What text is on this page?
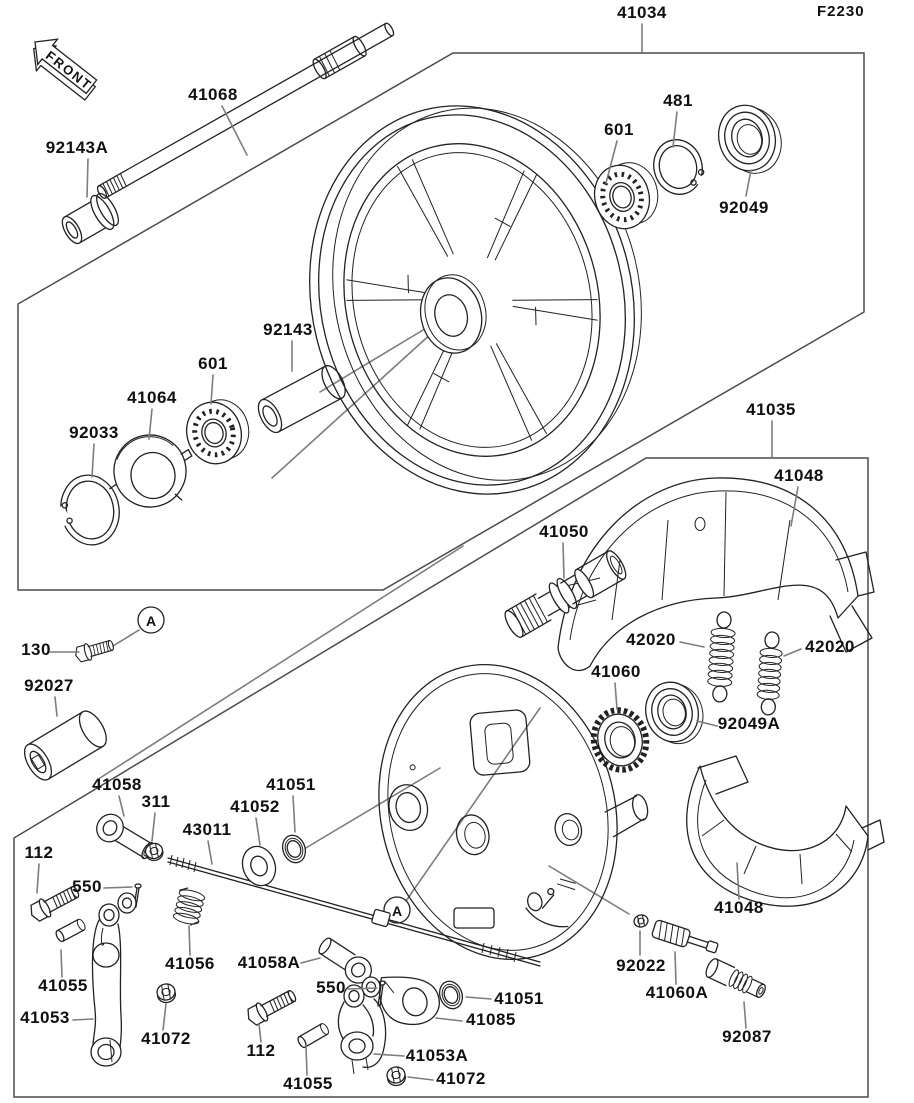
FRONT
A
A
F2230
41034
41068
92143A
601
481
92049
92143
601
41064
92033
41035
41048
41050
42020	42020
41060
92049A
130
92027
41058
311
43011
41052
41051
112
550
41055
41053
41056
41072
41058A
112
550
41055
41053A
41072
41085
41051
92022
41060A
92087
41048
